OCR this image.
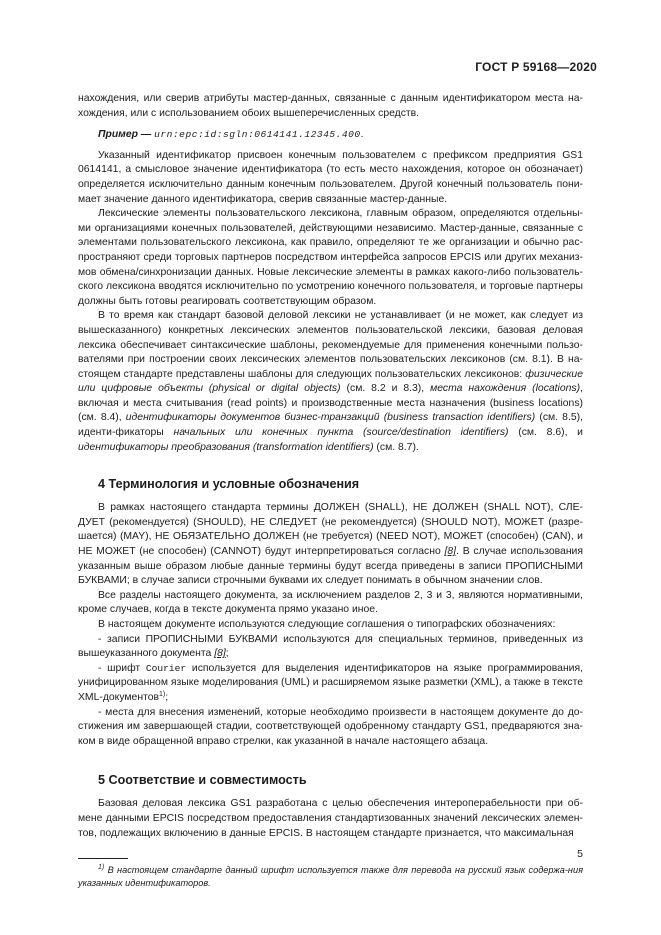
ГОСТ Р 59168—2020

нахождения, или сверив атрибуты мастер-данных, связанные с данным идентификатором места на-хождения, или с использованием обоих вышеперечисленных средств.

Пример — urn:epc:id:sgln:0614141.12345.400.

Указанный идентификатор присвоен конечным пользователем с префиксом предприятия GS1 0614141, а смысловое значение идентификатора (то есть место нахождения, которое он обозначает) определяется исключительно данным конечным пользователем. Другой конечный пользователь пони-мает значение данного идентификатора, сверив связанные мастер-данные.

Лексические элементы пользовательского лексикона, главным образом, определяются отдельны-ми организациями конечных пользователей, действующими независимо. Мастер-данные, связанные с элементами пользовательского лексикона, как правило, определяют те же организации и обычно рас-пространяют среди торговых партнеров посредством интерфейса запросов EPCIS или других механиз-мов обмена/синхронизации данных. Новые лексические элементы в рамках какого-либо пользователь-ского лексикона вводятся исключительно по усмотрению конечного пользователя, и торговые партнеры должны быть готовы реагировать соответствующим образом.

В то время как стандарт базовой деловой лексики не устанавливает (и не может, как следует из вышесказанного) конкретных лексических элементов пользовательской лексики, базовая деловая лексика обеспечивает синтаксические шаблоны, рекомендуемые для применения конечными пользо-вателями при построении своих лексических элементов пользовательских лексиконов (см. 8.1). В на-стоящем стандарте представлены шаблоны для следующих пользовательских лексиконов: физические или цифровые объекты (physical or digital objects) (см. 8.2 и 8.3), места нахождения (locations), включая и места считывания (read points) и производственные места назначения (business locations) (см. 8.4), идентификаторы документов бизнес-транзакций (business transaction identifiers) (см. 8.5), иденти-фикаторы начальных или конечных пункта (source/destination identifiers) (см. 8.6), и идентификаторы преобразования (transformation identifiers) (см. 8.7).

4 Терминология и условные обозначения

В рамках настоящего стандарта термины ДОЛЖЕН (SHALL), НЕ ДОЛЖЕН (SHALL NOT), СЛЕ-ДУЕТ (рекомендуется) (SHOULD), НЕ СЛЕДУЕТ (не рекомендуется) (SHOULD NOT), МОЖЕТ (разре-шается) (MAY), НЕ ОБЯЗАТЕЛЬНО ДОЛЖЕН (не требуется) (NEED NOT), МОЖЕТ (способен) (CAN), и НЕ МОЖЕТ (не способен) (CANNOT) будут интерпретироваться согласно [8]. В случае использования указанным выше образом любые данные термины будут всегда приведены в записи ПРОПИСНЫМИ БУКВАМИ; в случае записи строчными буквами их следует понимать в обычном значении слов.

Все разделы настоящего документа, за исключением разделов 2, 3 и 3, являются нормативными, кроме случаев, когда в тексте документа прямо указано иное.

В настоящем документе используются следующие соглашения о типографских обозначениях:

- записи ПРОПИСНЫМИ БУКВАМИ используются для специальных терминов, приведенных из вышеуказанного документа [8];

- шрифт Courier используется для выделения идентификаторов на языке программирования, унифицированном языке моделирования (UML) и расширяемом языке разметки (XML), а также в тексте XML-документов$^{1)}$;

- места для внесения изменений, которые необходимо произвести в настоящем документе до до-стижения им завершающей стадии, соответствующей одобренному стандарту GS1, предваряются зна-ком в виде обращенной вправо стрелки, как указанной в начале настоящего абзаца.

5 Соответствие и совместимость

Базовая деловая лексика GS1 разработана с целью обеспечения интероперабельности при об-мене данными EPCIS посредством предоставления стандартизованных значений лексических элемен-тов, подлежащих включению в данные EPCIS. В настоящем стандарте признается, что максимальная

$^{1)}$ В настоящем стандарте данный шрифт используется также для перевода на русский язык содержа-ния указанных идентификаторов.

5
